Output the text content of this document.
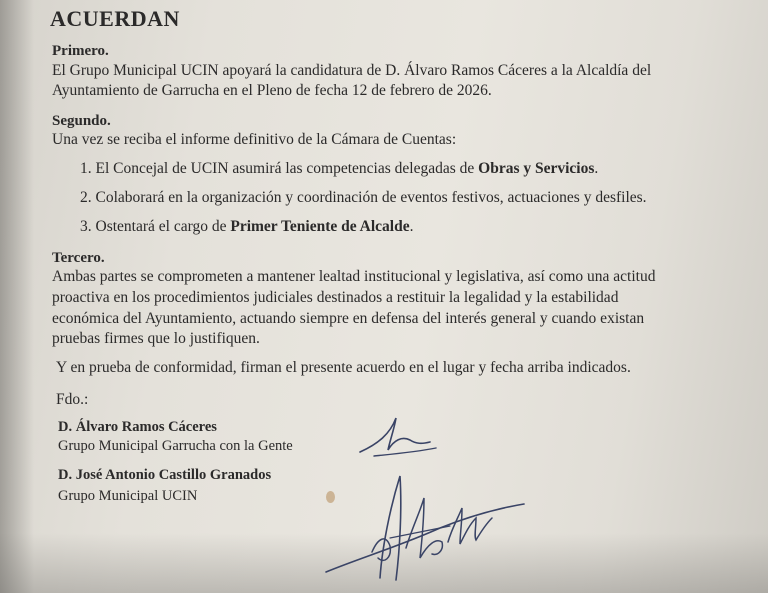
ACUERDAN
Primero.
El Grupo Municipal UCIN apoyará la candidatura de D. Álvaro Ramos Cáceres a la Alcaldía del
Ayuntamiento de Garrucha en el Pleno de fecha 12 de febrero de 2026.
Segundo.
Una vez se reciba el informe definitivo de la Cámara de Cuentas:
1. El Concejal de UCIN asumirá las competencias delegadas de Obras y Servicios.
2. Colaborará en la organización y coordinación de eventos festivos, actuaciones y desfiles.
3. Ostentará el cargo de Primer Teniente de Alcalde.
Tercero.
Ambas partes se comprometen a mantener lealtad institucional y legislativa, así como una actitud
proactiva en los procedimientos judiciales destinados a restituir la legalidad y la estabilidad
económica del Ayuntamiento, actuando siempre en defensa del interés general y cuando existan
pruebas firmes que lo justifiquen.
Y en prueba de conformidad, firman el presente acuerdo en el lugar y fecha arriba indicados.
Fdo.:
D. Álvaro Ramos Cáceres
Grupo Municipal Garrucha con la Gente
D. José Antonio Castillo Granados
Grupo Municipal UCIN
